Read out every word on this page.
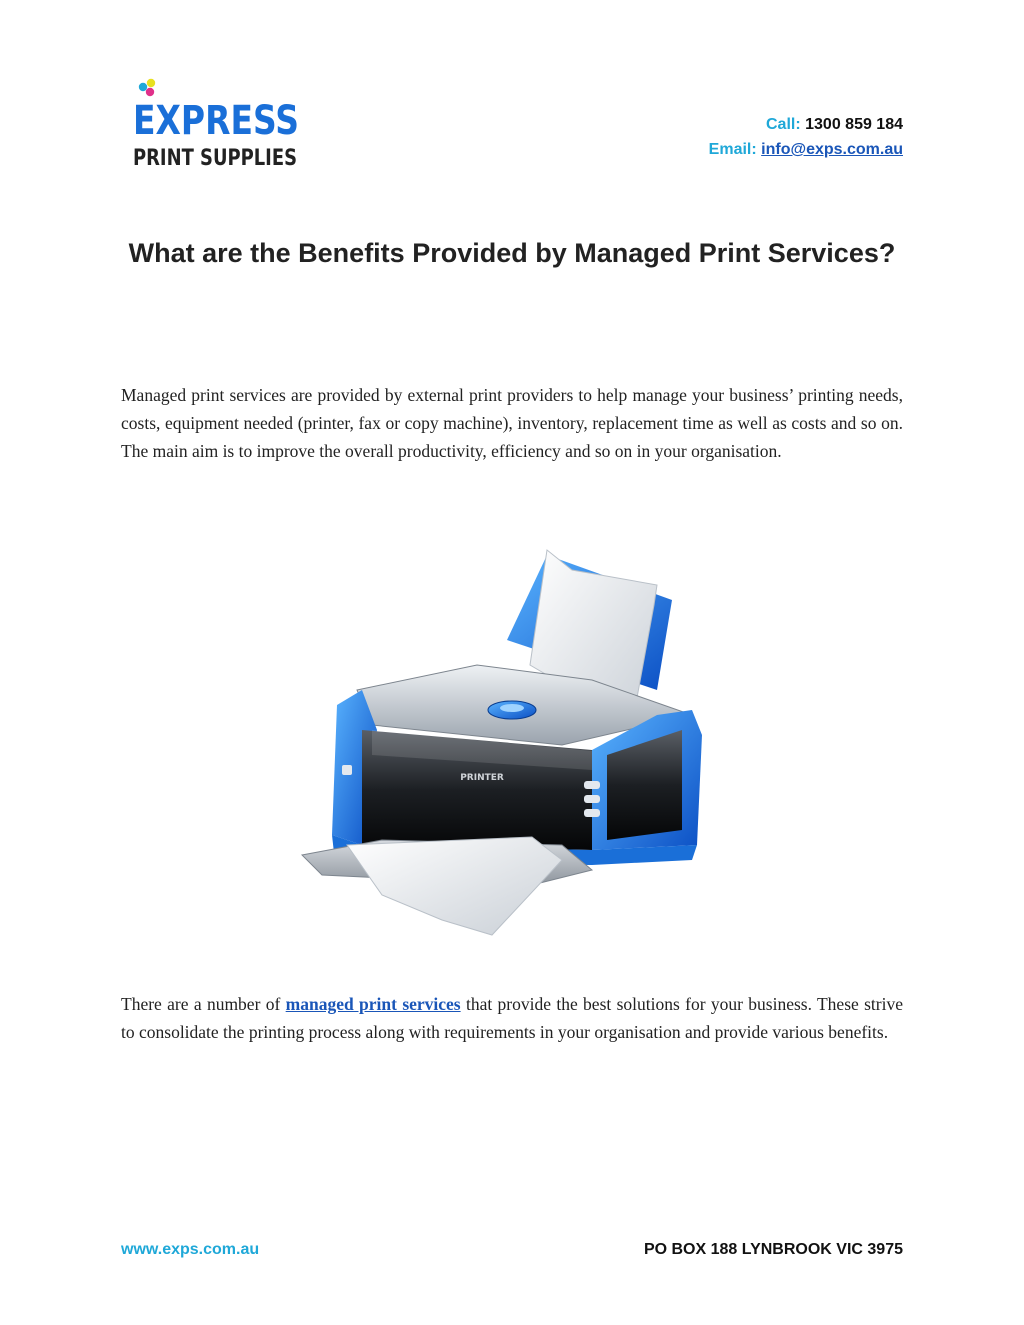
EXPRESS
PRINT SUPPLIES
Call: 1300 859 184
Email: info@exps.com.au
What are the Benefits Provided by Managed Print Services?
Managed print services are provided by external print providers to help manage your business’ printing needs, costs, equipment needed (printer, fax or copy machine), inventory, replacement time as well as costs and so on. The main aim is to improve the overall productivity, efficiency and so on in your organisation.
PRINTER
There are a number of managed print services that provide the best solutions for your business. These strive to consolidate the printing process along with requirements in your organisation and provide various benefits.
www.exps.com.au	PO BOX 188 LYNBROOK VIC 3975
